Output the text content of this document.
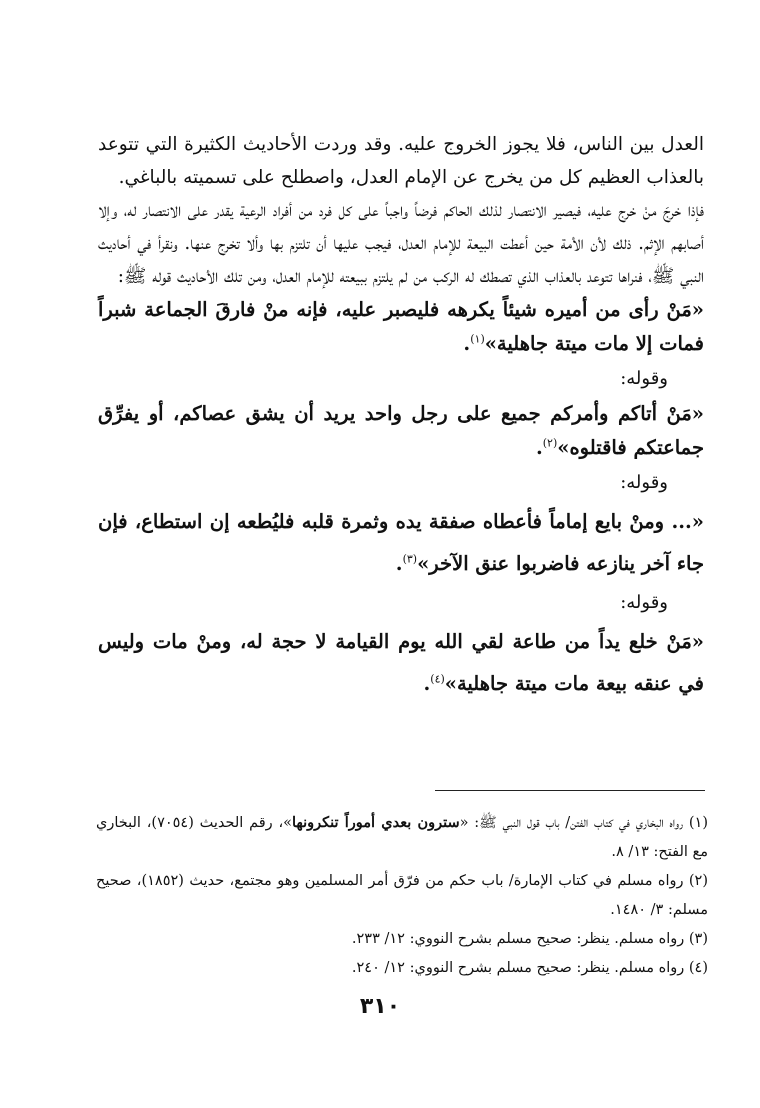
العدل بين الناس، فلا يجوز الخروج عليه. وقد وردت الأحاديث الكثيرة التي تتوعد بالعذاب العظيم كل من يخرج عن الإمام العدل، واصطلح على تسميته بالباغي.

فإذا خرجَ منْ خرج عليه، فيصير الانتصار لذلك الحاكم فرضاً واجباً على كل فرد من أفراد الرعية يقدر على الانتصار له، وإلا أصابهم الإثم. ذلك لأن الأمة حين أعطت البيعة للإمام العدل، فيجب عليها أن تلتزم بها وألا تخرج عنها. ونقرأ في أحاديث النبي ﷺ، فنراها تتوعد بالعذاب الذي تصطك له الركب من لم يلتزم ببيعته للإمام العدل، ومن تلك الأحاديث قوله ﷺ:

«مَنْ رأى من أميره شيئاً يكرهه فليصبر عليه، فإنه منْ فارقَ الجماعة شبراً فمات إلا مات ميتة جاهلية»$^{(١)}$.

وقوله:

«مَنْ أتاكم وأمركم جميع على رجل واحد يريد أن يشق عصاكم، أو يفرِّق جماعتكم فاقتلوه»$^{(٢)}$.

وقوله:

«... ومنْ بايع إماماً فأعطاه صفقة يده وثمرة قلبه فليُطعه إن استطاع، فإن جاء آخر ينازعه فاضربوا عنق الآخر»$^{(٣)}$.

وقوله:

«مَنْ خلع يداً من طاعة لقي الله يوم القيامة لا حجة له، ومنْ مات وليس في عنقه بيعة مات ميتة جاهلية»$^{(٤)}$.

(١) رواه البخاري في كتاب الفتن/ باب قول النبي ﷺ: «سترون بعدي أموراً تنكرونها»، رقم الحديث (٧٠٥٤)، البخاري مع الفتح: ١٣/ ٨.

(٢) رواه مسلم في كتاب الإمارة/ باب حكم من فرّق أمر المسلمين وهو مجتمع، حديث (١٨٥٢)، صحيح مسلم: ٣/ ١٤٨٠.

(٣) رواه مسلم. ينظر: صحيح مسلم بشرح النووي: ١٢/ ٢٣٣.

(٤) رواه مسلم. ينظر: صحيح مسلم بشرح النووي: ١٢/ ٢٤٠.

٣١٠
